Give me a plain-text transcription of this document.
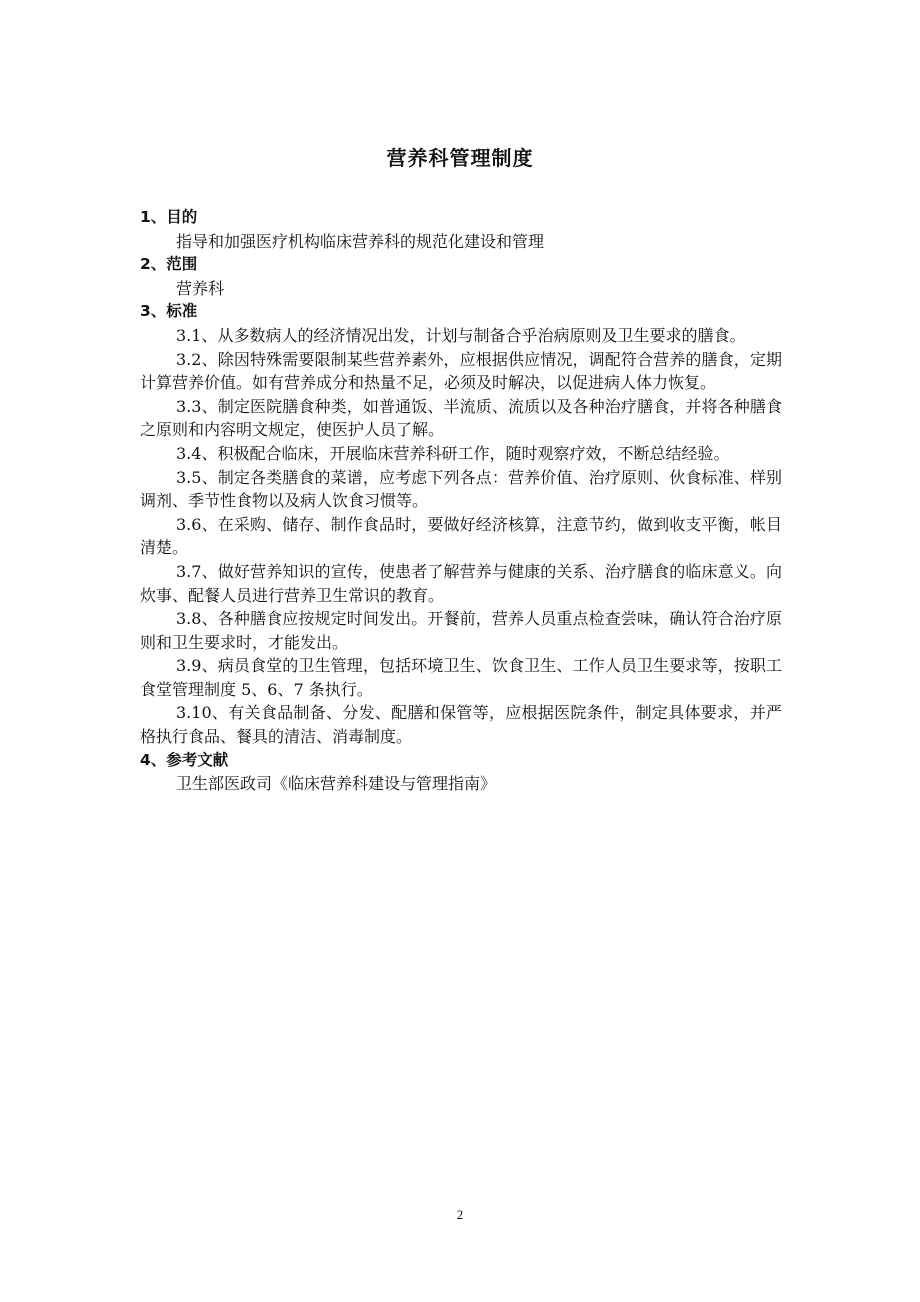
营养科管理制度

1、目的

指导和加强医疗机构临床营养科的规范化建设和管理

2、范围

营养科

3、标准

3.1、从多数病人的经济情况出发，计划与制备合乎治病原则及卫生要求的膳食。

3.2、除因特殊需要限制某些营养素外，应根据供应情况，调配符合营养的膳食，定期计算营养价值。如有营养成分和热量不足，必须及时解决，以促进病人体力恢复。

3.3、制定医院膳食种类，如普通饭、半流质、流质以及各种治疗膳食，并将各种膳食之原则和内容明文规定，使医护人员了解。

3.4、积极配合临床，开展临床营养科研工作，随时观察疗效，不断总结经验。

3.5、制定各类膳食的菜谱，应考虑下列各点：营养价值、治疗原则、伙食标准、样别调剂、季节性食物以及病人饮食习惯等。

3.6、在采购、储存、制作食品时，要做好经济核算，注意节约，做到收支平衡，帐目清楚。

3.7、做好营养知识的宣传，使患者了解营养与健康的关系、治疗膳食的临床意义。向炊事、配餐人员进行营养卫生常识的教育。

3.8、各种膳食应按规定时间发出。开餐前，营养人员重点检查尝味，确认符合治疗原则和卫生要求时，才能发出。

3.9、病员食堂的卫生管理，包括环境卫生、饮食卫生、工作人员卫生要求等，按职工食堂管理制度 5、6、7 条执行。

3.10、有关食品制备、分发、配膳和保管等，应根据医院条件，制定具体要求，并严格执行食品、餐具的清洁、消毒制度。

4、参考文献

卫生部医政司《临床营养科建设与管理指南》

2
